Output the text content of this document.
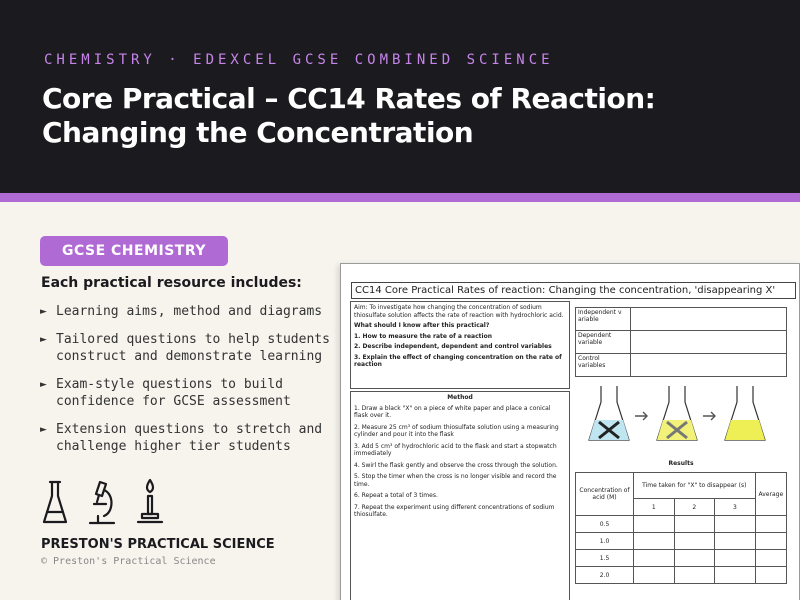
CHEMISTRY · EDEXCEL GCSE COMBINED SCIENCE
Core Practical – CC14 Rates of Reaction: Changing the Concentration
GCSE CHEMISTRY
Each practical resource includes:
► Learning aims, method and diagrams
► Tailored questions to help students construct and demonstrate learning
► Exam-style questions to build confidence for GCSE assessment
► Extension questions to stretch and challenge higher tier students
PRESTON'S PRACTICAL SCIENCE
© Preston's Practical Science
CC14 Core Practical Rates of reaction: Changing the concentration, 'disappearing X'

Aim: To investigate how changing the concentration of sodium thiosulfate solution affects the rate of reaction with hydrochloric acid.

What should I know after this practical?

1. How to measure the rate of a reaction

2. Describe independent, dependent and control variables

3. Explain the effect of changing concentration on the rate of reaction

Method

1. Draw a black "X" on a piece of white paper and place a conical flask over it.

2. Measure 25 cm³ of sodium thiosulfate solution using a measuring cylinder and pour it into the flask

3. Add 5 cm³ of hydrochloric acid to the flask and start a stopwatch immediately

4. Swirl the flask gently and observe the cross through the solution.

5. Stop the timer when the cross is no longer visible and record the time.

6. Repeat a total of 3 times.

7. Repeat the experiment using different concentrations of sodium thiosulfate.

Independent v ariable	
Dependent variable	
Control variables	
Results
Concentration of acid (M)	Time taken for "X" to disappear (s)			Average
	1	2	3	
0.5				
1.0				
1.5				
2.0				
